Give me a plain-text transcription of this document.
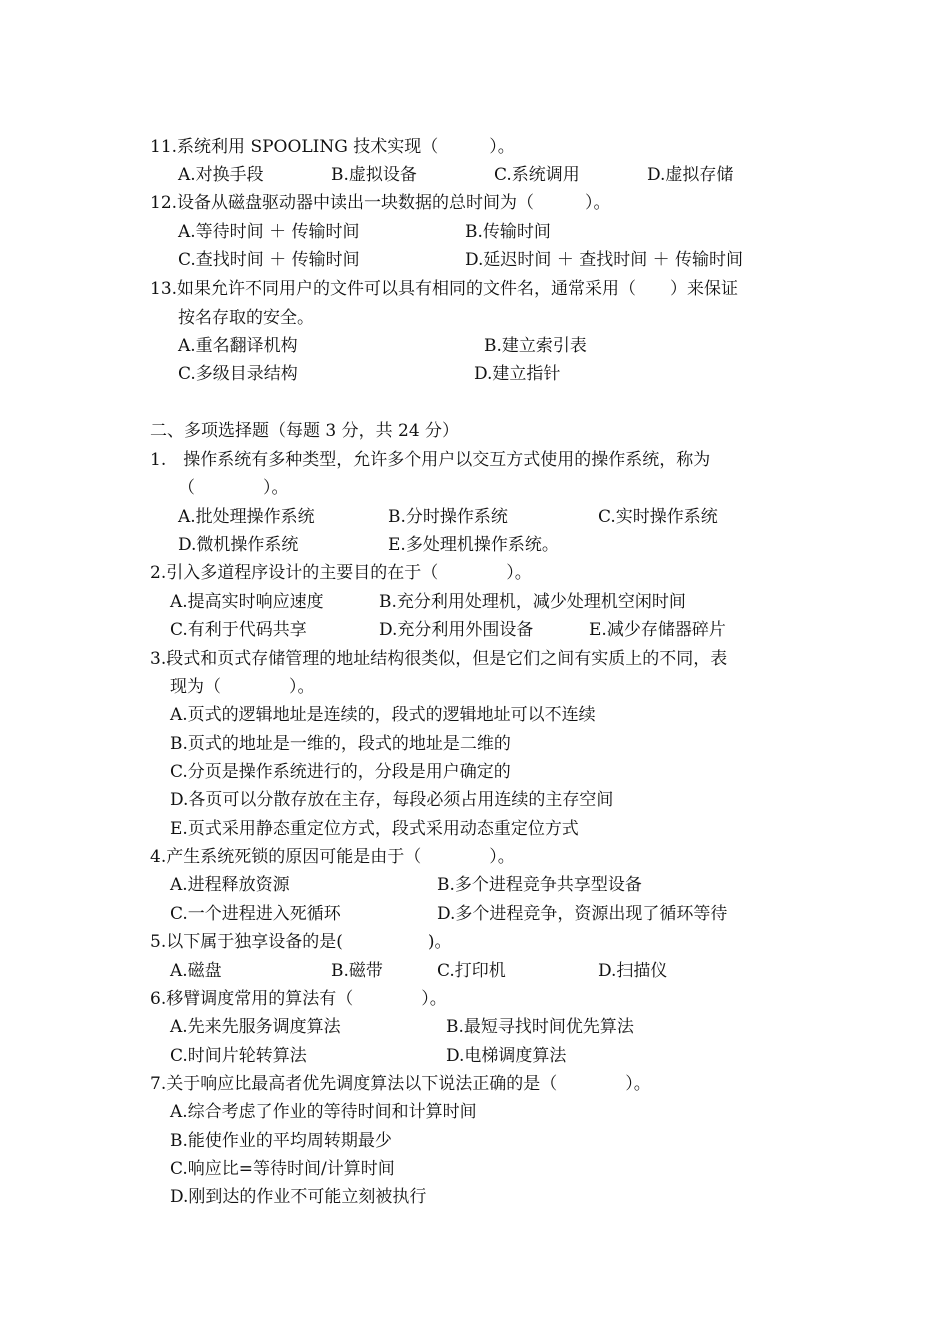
11.系统利用 SPOOLING 技术实现（　　　）。
A.对换手段	B.虚拟设备	C.系统调用	D.虚拟存储
12.设备从磁盘驱动器中读出一块数据的总时间为（　　　）。
A.等待时间 ＋ 传输时间	B.传输时间
C.查找时间 ＋ 传输时间	D.延迟时间 ＋ 查找时间 ＋ 传输时间
13.如果允许不同用户的文件可以具有相同的文件名，通常采用（　　）来保证
按名存取的安全。
A.重名翻译机构	B.建立索引表
C.多级目录结构	D.建立指针
二、多项选择题（每题 3 分，共 24 分）
1.　操作系统有多种类型，允许多个用户以交互方式使用的操作系统，称为
（　　　　）。
A.批处理操作系统	B.分时操作系统	C.实时操作系统
D.微机操作系统	E.多处理机操作系统。
2.引入多道程序设计的主要目的在于（　　　　）。
A.提高实时响应速度	B.充分利用处理机，减少处理机空闲时间
C.有利于代码共享	D.充分利用外围设备	E.减少存储器碎片
3.段式和页式存储管理的地址结构很类似，但是它们之间有实质上的不同，表
现为（　　　　）。
A.页式的逻辑地址是连续的，段式的逻辑地址可以不连续
B.页式的地址是一维的，段式的地址是二维的
C.分页是操作系统进行的，分段是用户确定的
D.各页可以分散存放在主存，每段必须占用连续的主存空间
E.页式采用静态重定位方式，段式采用动态重定位方式
4.产生系统死锁的原因可能是由于（　　　　）。
A.进程释放资源	B.多个进程竞争共享型设备
C.一个进程进入死循环	D.多个进程竞争，资源出现了循环等待
5.以下属于独享设备的是(　　　　　)。
A.磁盘	B.磁带	C.打印机	D.扫描仪
6.移臂调度常用的算法有（　　　　）。
A.先来先服务调度算法	B.最短寻找时间优先算法
C.时间片轮转算法	D.电梯调度算法
7.关于响应比最高者优先调度算法以下说法正确的是（　　　　）。
A.综合考虑了作业的等待时间和计算时间
B.能使作业的平均周转期最少
C.响应比=等待时间/计算时间
D.刚到达的作业不可能立刻被执行
